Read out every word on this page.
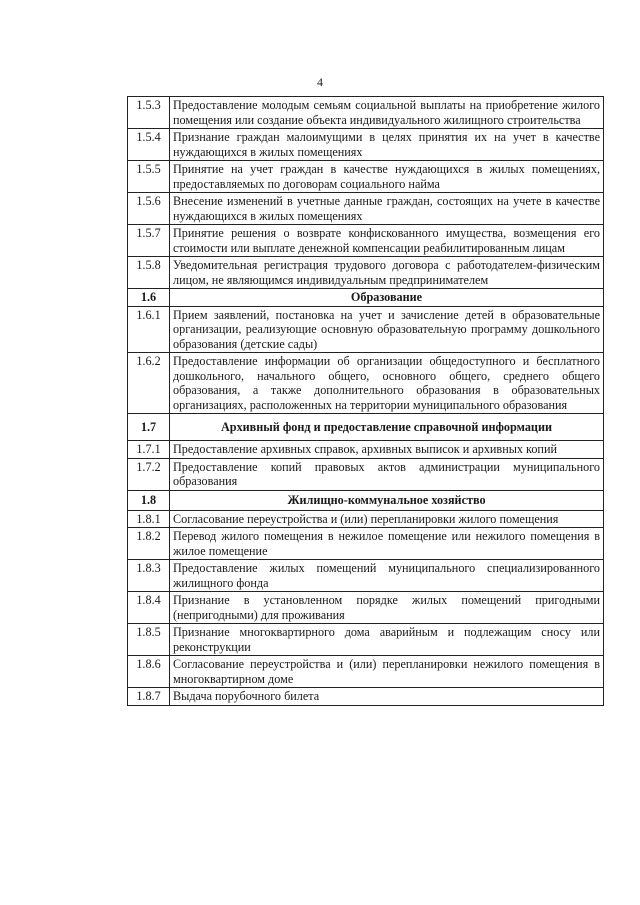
4
1.5.3	Предоставление молодым семьям социальной выплаты на приобретение жилого помещения или создание объекта индивидуального жилищного строительства
1.5.4	Признание граждан малоимущими в целях принятия их на учет в качестве нуждающихся в жилых помещениях
1.5.5	Принятие на учет граждан в качестве нуждающихся в жилых помещениях, предоставляемых по договорам социального найма
1.5.6	Внесение изменений в учетные данные граждан, состоящих на учете в качестве нуждающихся в жилых помещениях
1.5.7	Принятие решения о возврате конфискованного имущества, возмещения его стоимости или выплате денежной компенсации реабилитированным лицам
1.5.8	Уведомительная регистрация трудового договора с работодателем-физическим лицом, не являющимся индивидуальным предпринимателем
1.6	Образование
1.6.1	Прием заявлений, постановка на учет и зачисление детей в образовательные организации, реализующие основную образовательную программу дошкольного образования (детские сады)
1.6.2	Предоставление информации об организации общедоступного и бесплатного дошкольного, начального общего, основного общего, среднего общего образования, а также дополнительного образования в образовательных организациях, расположенных на территории муниципального образования
1.7	Архивный фонд и предоставление справочной информации
1.7.1	Предоставление архивных справок, архивных выписок и архивных копий
1.7.2	Предоставление копий правовых актов администрации муниципального образования
1.8	Жилищно-коммунальное хозяйство
1.8.1	Согласование переустройства и (или) перепланировки жилого помещения
1.8.2	Перевод жилого помещения в нежилое помещение или нежилого помещения в жилое помещение
1.8.3	Предоставление жилых помещений муниципального специализированного жилищного фонда
1.8.4	Признание в установленном порядке жилых помещений пригодными (непригодными) для проживания
1.8.5	Признание многоквартирного дома аварийным и подлежащим сносу или реконструкции
1.8.6	Согласование переустройства и (или) перепланировки нежилого помещения в многоквартирном доме
1.8.7	Выдача порубочного билета
